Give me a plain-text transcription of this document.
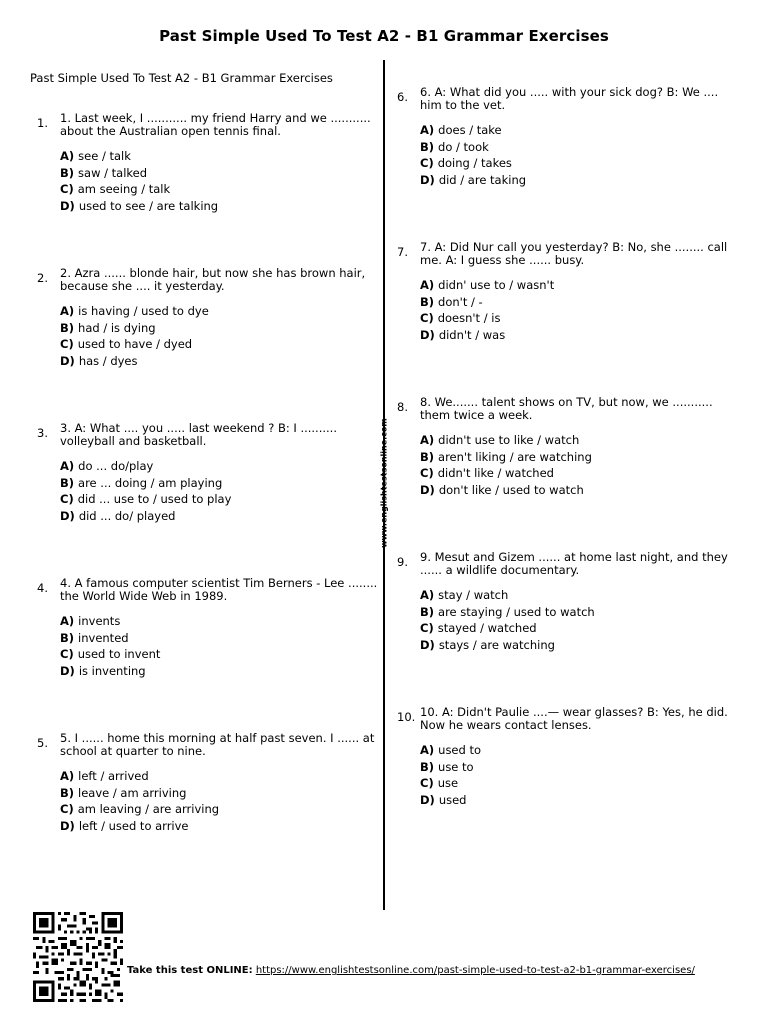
Past Simple Used To Test A2 - B1 Grammar Exercises
Past Simple Used To Test A2 - B1 Grammar Exercises
www.englishtestsonline.com
1. 1. Last week, I ........... my friend Harry and we ........... about the Australian open tennis final.
A) see / talk
B) saw / talked
C) am seeing / talk
D) used to see / are talking
2. 2. Azra ...... blonde hair, but now she has brown hair, because she .... it yesterday.
A) is having / used to dye
B) had / is dying
C) used to have / dyed
D) has / dyes
3. 3. A: What .... you ..... last weekend ? B: I .......... volleyball and basketball.
A) do ... do/play
B) are ... doing / am playing
C) did ... use to / used to play
D) did ... do/ played
4. 4. A famous computer scientist Tim Berners - Lee ........ the World Wide Web in 1989.
A) invents
B) invented
C) used to invent
D) is inventing
5. 5. I ...... home this morning at half past seven. I ...... at school at quarter to nine.
A) left / arrived
B) leave / am arriving
C) am leaving / are arriving
D) left / used to arrive
6. 6. A: What did you ..... with your sick dog? B: We .... him to the vet.
A) does / take
B) do / took
C) doing / takes
D) did / are taking
7. 7. A: Did Nur call you yesterday? B: No, she ........ call me. A: I guess she ...... busy.
A) didn' use to / wasn't
B) don't / -
C) doesn't / is
D) didn't / was
8. 8. We....... talent shows on TV, but now, we ........... them twice a week.
A) didn't use to like / watch
B) aren't liking / are watching
C) didn't like / watched
D) don't like / used to watch
9. 9. Mesut and Gizem ...... at home last night, and they ...... a wildlife documentary.
A) stay / watch
B) are staying / used to watch
C) stayed / watched
D) stays / are watching
10. 10. A: Didn't Paulie ....— wear glasses? B: Yes, he did. Now he wears contact lenses.
A) used to
B) use to
C) use
D) used
Take this test ONLINE: https://www.englishtestsonline.com/past-simple-used-to-test-a2-b1-grammar-exercises/
